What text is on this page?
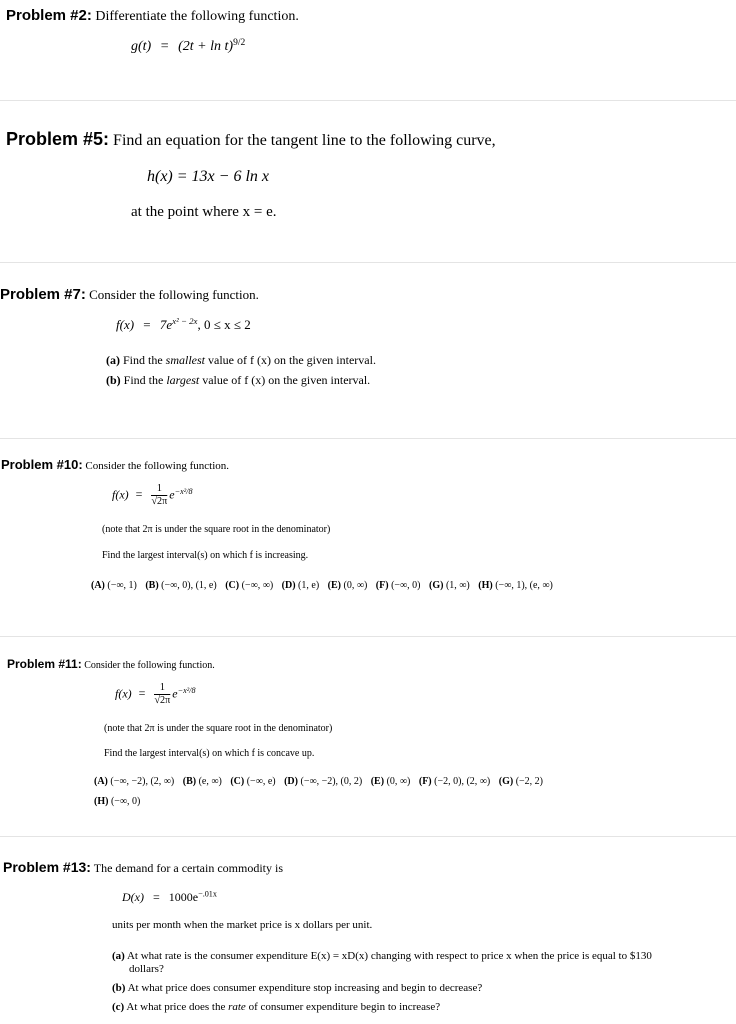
Problem #2: Differentiate the following function.
$g(t) = (2t + \ln t)^{9/2}$
Problem #5: Find an equation for the tangent line to the following curve,
h(x) = 13x − 6 ln x
at the point where x = e.
Problem #7: Consider the following function.
$f(x) = 7e^{x^2 - 2x}$, 0 ≤ x ≤ 2
(a) Find the smallest value of f (x) on the given interval.
(b) Find the largest value of f (x) on the given interval.
Problem #10: Consider the following function.
$f(x) = \frac{1}{√2\pi} e^{-x^2/8}$
(note that 2π is under the square root in the denominator)
Find the largest interval(s) on which f is increasing.
(A) (−∞, 1) (B) (−∞, 0), (1, e) (C) (−∞, ∞) (D) (1, e) (E) (0, ∞) (F) (−∞, 0) (G) (1, ∞) (H) (−∞, 1), (e, ∞)
Problem #11: Consider the following function.
$f(x) = \frac{1}{√2\pi} e^{-x^2/8}$
(note that 2π is under the square root in the denominator)
Find the largest interval(s) on which f is concave up.
(A) (−∞, −2), (2, ∞) (B) (e, ∞) (C) (−∞, e) (D) (−∞, −2), (0, 2) (E) (0, ∞) (F) (−2, 0), (2, ∞) (G) (−2, 2)
(H) (−∞, 0)
Problem #13: The demand for a certain commodity is
$D(x) = 1000e^{-.01x}$
units per month when the market price is x dollars per unit.
(a) At what rate is the consumer expenditure E(x) = xD(x) changing with respect to price x when the price is equal to $130 dollars?
(b) At what price does consumer expenditure stop increasing and begin to decrease?
(c) At what price does the rate of consumer expenditure begin to increase?
